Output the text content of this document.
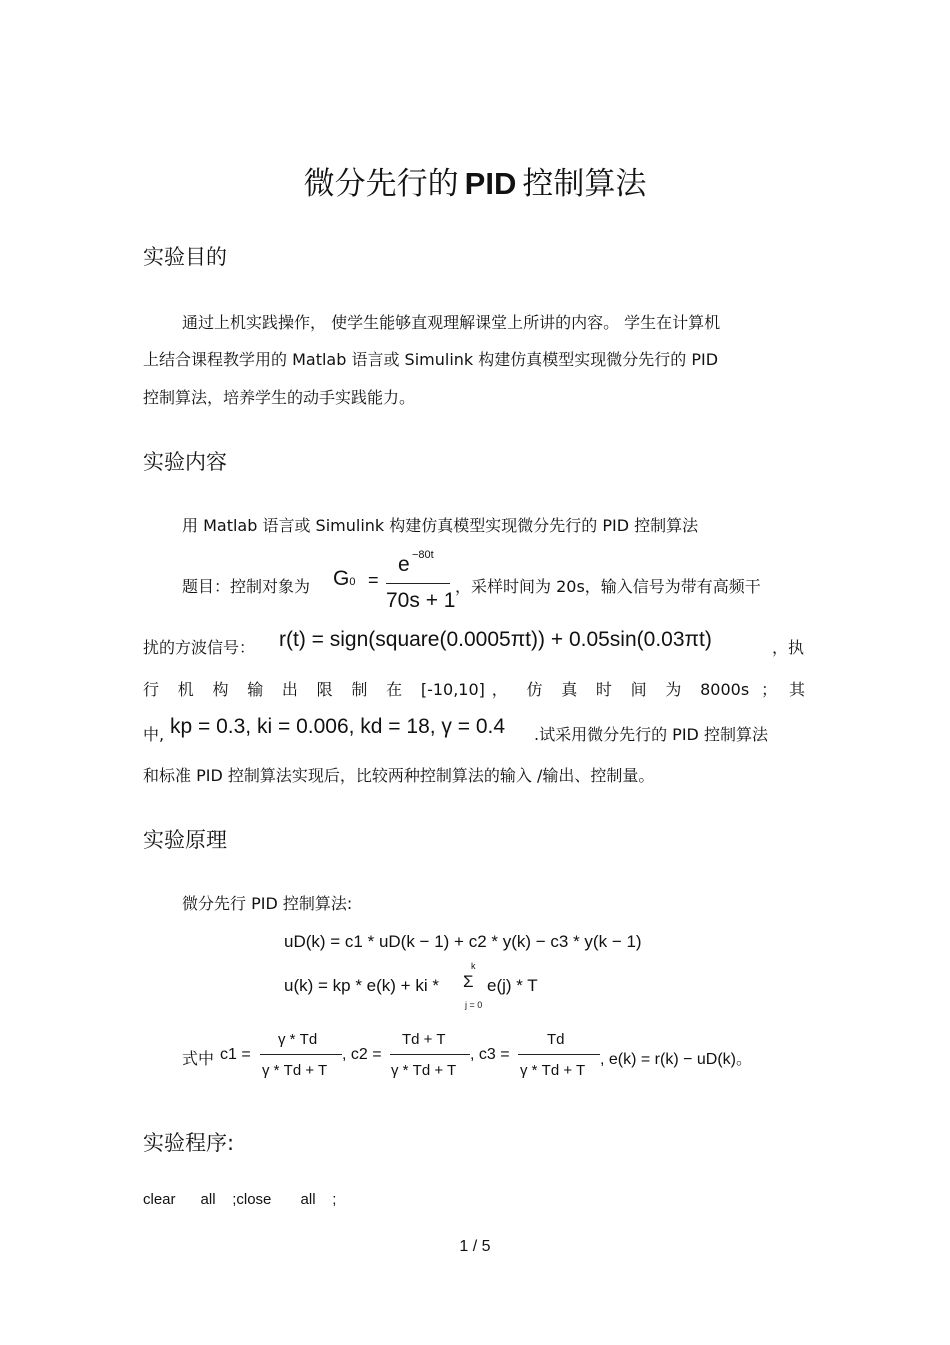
微分先行的 PID 控制算法
实验目的
通过上机实践操作， 使学生能够直观理解课堂上所讲的内容。 学生在计算机
上结合课程教学用的 Matlab 语言或 Simulink 构建仿真模型实现微分先行的 PID
控制算法，培养学生的动手实践能力。
实验内容
用 Matlab 语言或 Simulink 构建仿真模型实现微分先行的 PID 控制算法
题目：控制对象为 G0 =
e −80t
70s + 1
，采样时间为 20s，输入信号为带有高频干
扰的方波信号： r(t) = sign(square(0.0005πt)) + 0.05sin(0.03πt)	，执
行 机 构 输 出 限 制 在 [-10,10]， 仿 真 时 间 为 8000s ； 其
中, kp = 0.3, ki = 0.006, kd = 18, γ = 0.4 .试采用微分先行的 PID 控制算法
和标准 PID 控制算法实现后，比较两种控制算法的输入 /输出、控制量。
实验原理
微分先行 PID 控制算法:
uD(k) = c1 * uD(k − 1) + c2 * y(k) − c3 * y(k − 1)
u(k) = kp * e(k) + ki *
k
Σ
j = 0
e(j) * T
式中 c1 =
γ * Td
γ * Td + T
, c2 =
Td + T
γ * Td + T
, c3 =
Td
γ * Td + T
, e(k) = r(k) − uD(k)。
实验程序:
clear      all    ;close       all    ;
1 / 5
